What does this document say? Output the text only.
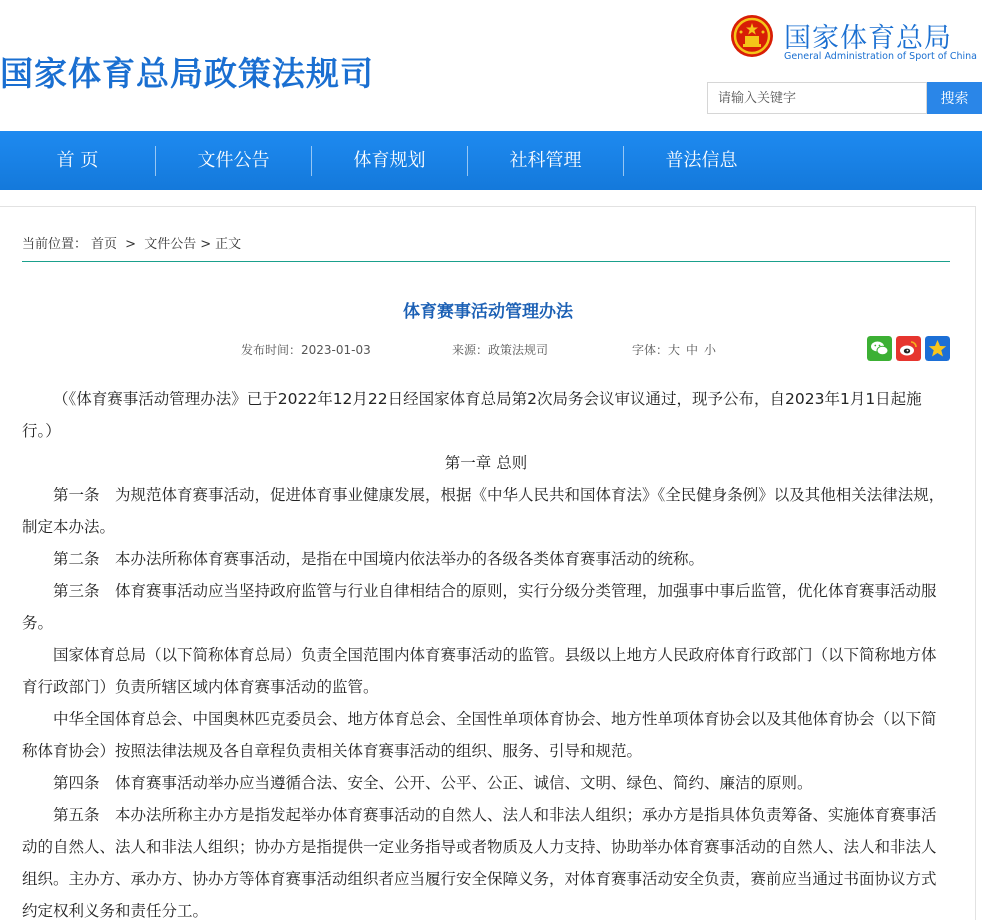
国家体育总局政策法规司
国家体育总局
General Administration of Sport of China
请输入关键字
搜索
首 页	文件公告	体育规划	社科管理	普法信息
当前位置： 首页 > 文件公告 > 正文
体育赛事活动管理办法
发布时间：2023-01-03	来源：政策法规司	字体：大 中 小

（《体育赛事活动管理办法》已于2022年12月22日经国家体育总局第2次局务会议审议通过，现予公布，自2023年1月1日起施行。）

第一章 总则

第一条　为规范体育赛事活动，促进体育事业健康发展，根据《中华人民共和国体育法》《全民健身条例》以及其他相关法律法规，制定本办法。

第二条　本办法所称体育赛事活动，是指在中国境内依法举办的各级各类体育赛事活动的统称。

第三条　体育赛事活动应当坚持政府监管与行业自律相结合的原则，实行分级分类管理，加强事中事后监管，优化体育赛事活动服务。

国家体育总局（以下简称体育总局）负责全国范围内体育赛事活动的监管。县级以上地方人民政府体育行政部门（以下简称地方体育行政部门）负责所辖区域内体育赛事活动的监管。

中华全国体育总会、中国奥林匹克委员会、地方体育总会、全国性单项体育协会、地方性单项体育协会以及其他体育协会（以下简称体育协会）按照法律法规及各自章程负责相关体育赛事活动的组织、服务、引导和规范。

第四条　体育赛事活动举办应当遵循合法、安全、公开、公平、公正、诚信、文明、绿色、简约、廉洁的原则。

第五条　本办法所称主办方是指发起举办体育赛事活动的自然人、法人和非法人组织；承办方是指具体负责筹备、实施体育赛事活动的自然人、法人和非法人组织；协办方是指提供一定业务指导或者物质及人力支持、协助举办体育赛事活动的自然人、法人和非法人组织。主办方、承办方、协办方等体育赛事活动组织者应当履行安全保障义务，对体育赛事活动安全负责，赛前应当通过书面协议方式约定权利义务和责任分工。
